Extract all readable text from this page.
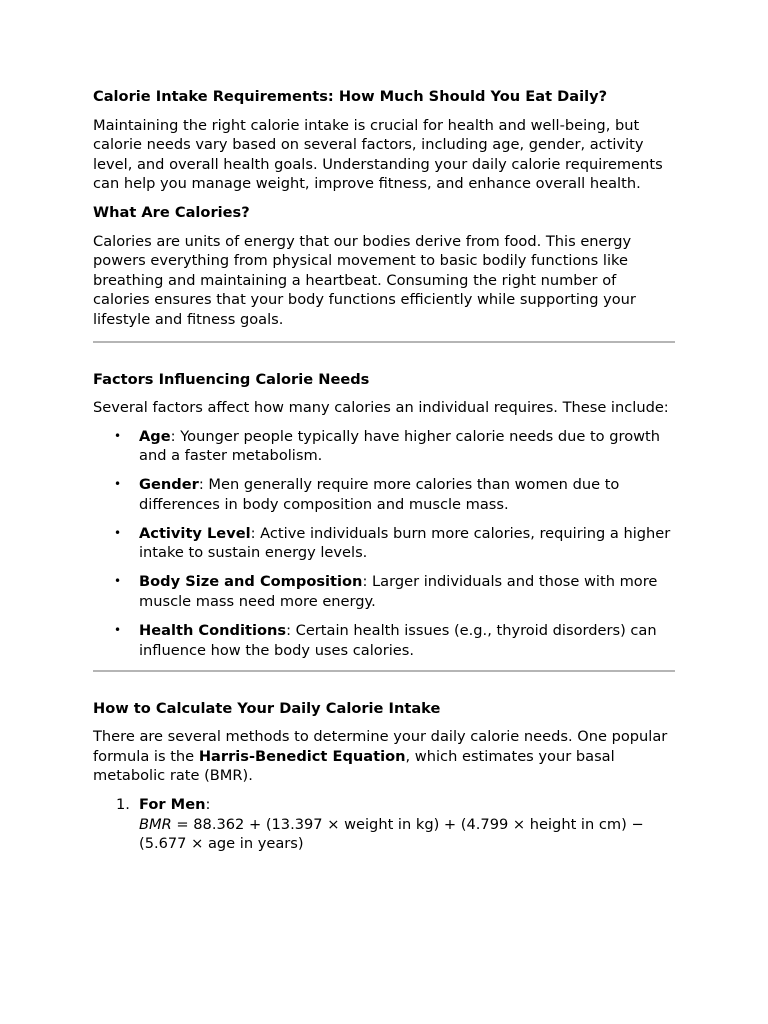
Calorie Intake Requirements: How Much Should You Eat Daily?

Maintaining the right calorie intake is crucial for health and well-being, but calorie needs vary based on several factors, including age, gender, activity level, and overall health goals. Understanding your daily calorie requirements can help you manage weight, improve fitness, and enhance overall health.

What Are Calories?

Calories are units of energy that our bodies derive from food. This energy powers everything from physical movement to basic bodily functions like breathing and maintaining a heartbeat. Consuming the right number of calories ensures that your body functions efficiently while supporting your lifestyle and fitness goals.

Factors Influencing Calorie Needs

Several factors affect how many calories an individual requires. These include:

• Age: Younger people typically have higher calorie needs due to growth and a faster metabolism.
• Gender: Men generally require more calories than women due to differences in body composition and muscle mass.
• Activity Level: Active individuals burn more calories, requiring a higher intake to sustain energy levels.
• Body Size and Composition: Larger individuals and those with more muscle mass need more energy.
• Health Conditions: Certain health issues (e.g., thyroid disorders) can influence how the body uses calories.
How to Calculate Your Daily Calorie Intake

There are several methods to determine your daily calorie needs. One popular formula is the Harris-Benedict Equation, which estimates your basal metabolic rate (BMR).

1. For Men:
BMR = 88.362 + (13.397 × weight in kg) + (4.799 × height in cm) − (5.677 × age in years)
